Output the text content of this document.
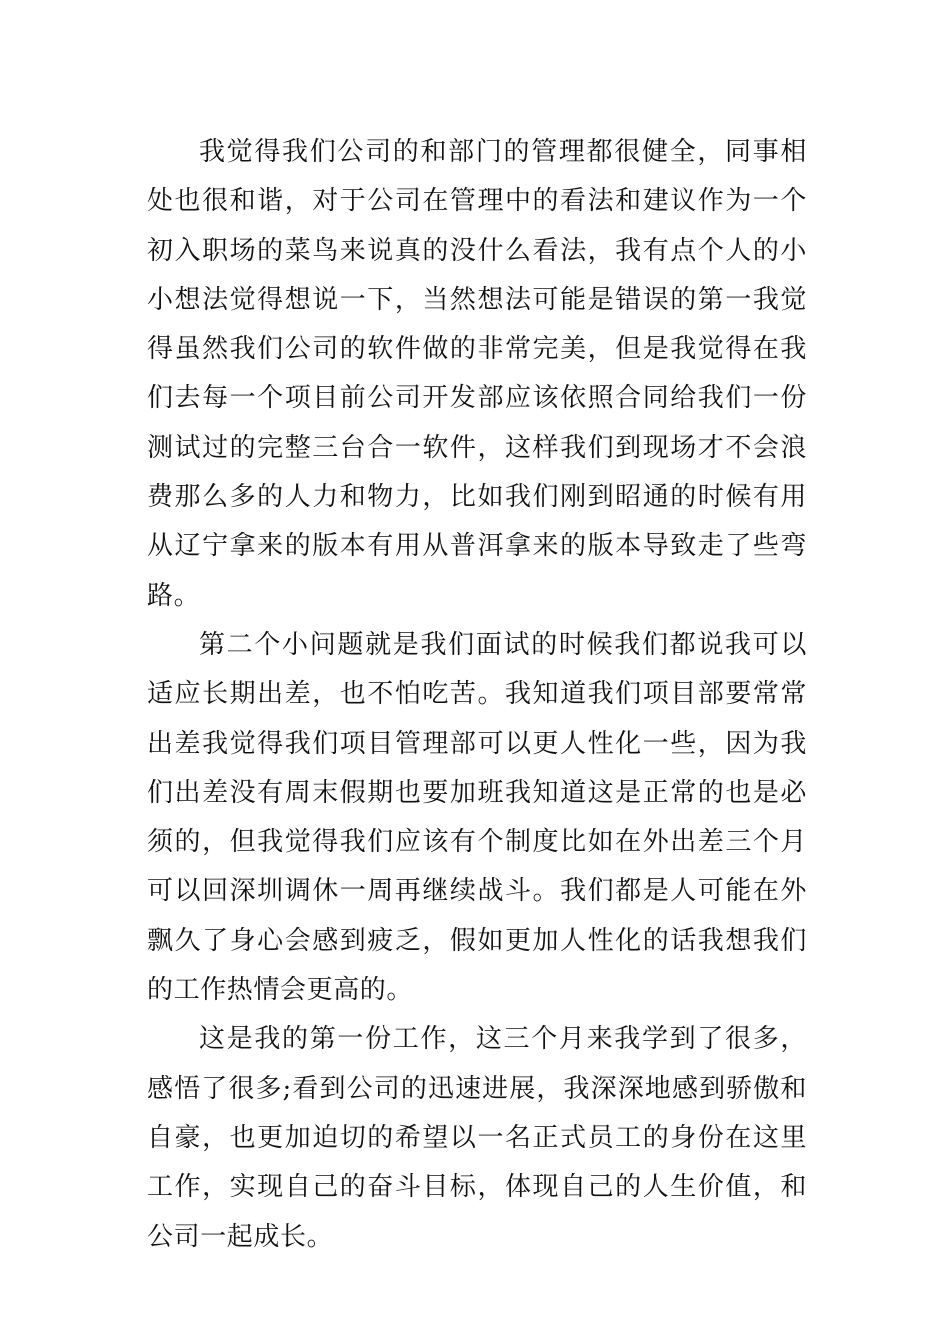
我觉得我们公司的和部门的管理都很健全，同事相处也很和谐，对于公司在管理中的看法和建议作为一个初入职场的菜鸟来说真的没什么看法，我有点个人的小小想法觉得想说一下，当然想法可能是错误的第一我觉得虽然我们公司的软件做的非常完美，但是我觉得在我们去每一个项目前公司开发部应该依照合同给我们一份测试过的完整三台合一软件，这样我们到现场才不会浪费那么多的人力和物力，比如我们刚到昭通的时候有用从辽宁拿来的版本有用从普洱拿来的版本导致走了些弯路。

第二个小问题就是我们面试的时候我们都说我可以适应长期出差，也不怕吃苦。我知道我们项目部要常常出差我觉得我们项目管理部可以更人性化一些，因为我们出差没有周末假期也要加班我知道这是正常的也是必须的，但我觉得我们应该有个制度比如在外出差三个月可以回深圳调休一周再继续战斗。我们都是人可能在外飘久了身心会感到疲乏，假如更加人性化的话我想我们的工作热情会更高的。

这是我的第一份工作，这三个月来我学到了很多，感悟了很多;看到公司的迅速进展，我深深地感到骄傲和自豪，也更加迫切的希望以一名正式员工的身份在这里工作，实现自己的奋斗目标，体现自己的人生价值，和公司一起成长。
